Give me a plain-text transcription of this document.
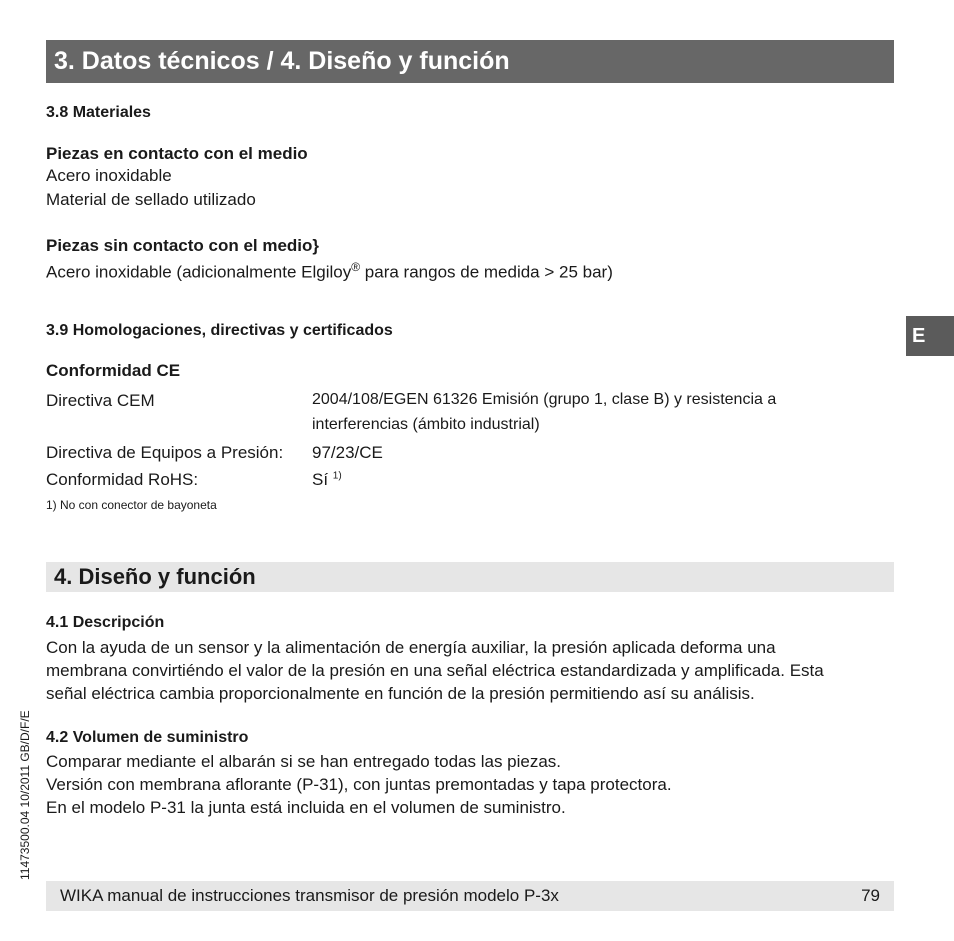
3. Datos técnicos / 4. Diseño y función
3.8 Materiales
Piezas en contacto con el medio
Acero inoxidable
Material de sellado utilizado
Piezas sin contacto con el medio}
Acero inoxidable (adicionalmente Elgiloy® para rangos de medida > 25 bar)
3.9 Homologaciones, directivas y certificados	E
Conformidad CE
Directiva CEM	2004/108/EGEN 61326 Emisión (grupo 1, clase B) y resistencia a
interferencias (ámbito industrial)
Directiva de Equipos a Presión: 97/23/CE
Conformidad RoHS:	Sí $^{1)}$
1) No con conector de bayoneta
4. Diseño y función
4.1 Descripción
Con la ayuda de un sensor y la alimentación de energía auxiliar, la presión aplicada deforma una
membrana convirtiéndo el valor de la presión en una señal eléctrica estandardizada y amplificada. Esta
señal eléctrica cambia proporcionalmente en función de la presión permitiendo así su análisis.
4.2 Volumen de suministro
Comparar mediante el albarán si se han entregado todas las piezas.
Versión con membrana aflorante (P-31), con juntas premontadas y tapa protectora.
En el modelo P-31 la junta está incluida en el volumen de suministro.
11473500.04 10/2011 GB/D/F/E
WIKA manual de instrucciones transmisor de presión modelo P-3x	79
